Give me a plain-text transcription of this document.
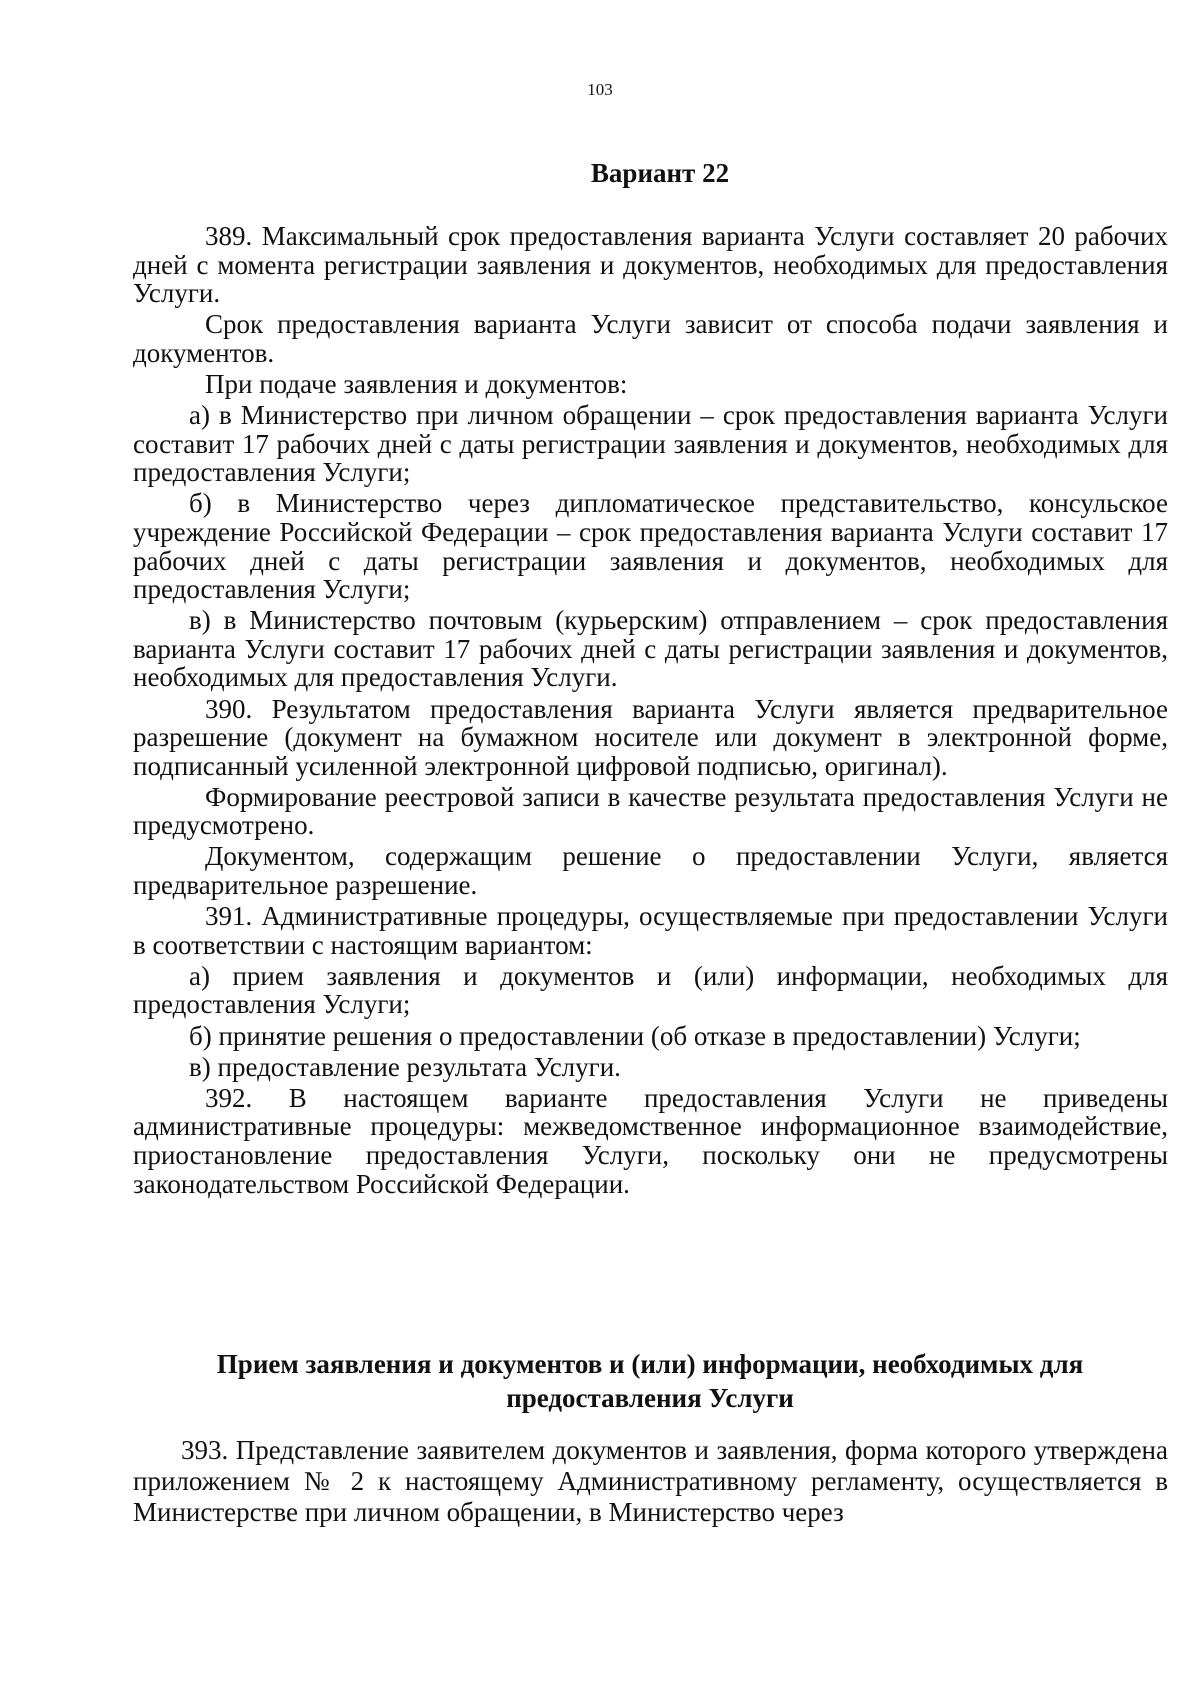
103
Вариант 22

389. Максимальный срок предоставления варианта Услуги составляет 20 рабочих дней с момента регистрации заявления и документов, необходимых для предоставления Услуги.

Срок предоставления варианта Услуги зависит от способа подачи заявления и документов.

При подаче заявления и документов:

а) в Министерство при личном обращении – срок предоставления варианта Услуги составит 17 рабочих дней с даты регистрации заявления и документов, необходимых для предоставления Услуги;

б) в Министерство через дипломатическое представительство, консульское учреждение Российской Федерации – срок предоставления варианта Услуги составит 17 рабочих дней с даты регистрации заявления и документов, необходимых для предоставления Услуги;

в) в Министерство почтовым (курьерским) отправлением – срок предоставления варианта Услуги составит 17 рабочих дней с даты регистрации заявления и документов, необходимых для предоставления Услуги.

390. Результатом предоставления варианта Услуги является предварительное разрешение (документ на бумажном носителе или документ в электронной форме, подписанный усиленной электронной цифровой подписью, оригинал).

Формирование реестровой записи в качестве результата предоставления Услуги не предусмотрено.

Документом, содержащим решение о предоставлении Услуги, является предварительное разрешение.

391. Административные процедуры, осуществляемые при предоставлении Услуги в соответствии с настоящим вариантом:

а) прием заявления и документов и (или) информации, необходимых для предоставления Услуги;

б) принятие решения о предоставлении (об отказе в предоставлении) Услуги;

в) предоставление результата Услуги.

392. В настоящем варианте предоставления Услуги не приведены административные процедуры: межведомственное информационное взаимодействие, приостановление предоставления Услуги, поскольку они не предусмотрены законодательством Российской Федерации.

Прием заявления и документов и (или) информации, необходимых для
предоставления Услуги

393. Представление заявителем документов и заявления, форма которого утверждена приложением № 2 к настоящему Административному регламенту, осуществляется в Министерстве при личном обращении, в Министерство через
